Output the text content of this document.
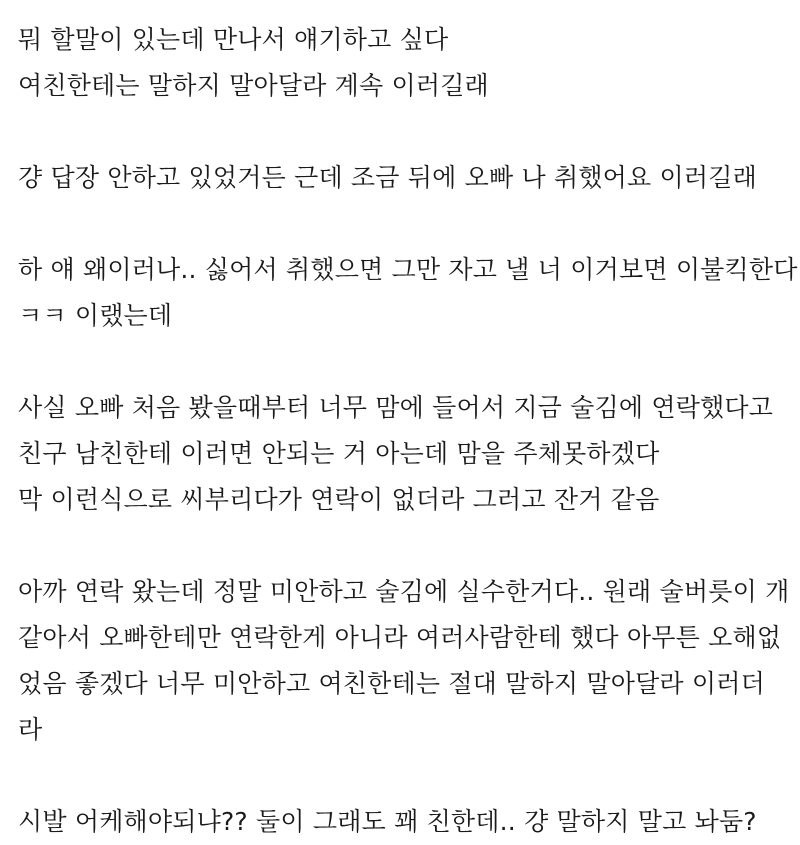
뭐 할말이 있는데 만나서 얘기하고 싶다
여친한테는 말하지 말아달라 계속 이러길래
걍 답장 안하고 있었거든 근데 조금 뒤에 오빠 나 취했어요 이러길래
하 얘 왜이러나.. 싫어서 취했으면 그만 자고 낼 너 이거보면 이불킥한다
ㅋㅋ 이랬는데
사실 오빠 처음 봤을때부터 너무 맘에 들어서 지금 술김에 연락했다고
친구 남친한테 이러면 안되는 거 아는데 맘을 주체못하겠다
막 이런식으로 씨부리다가 연락이 없더라 그러고 잔거 같음
아까 연락 왔는데 정말 미안하고 술김에 실수한거다.. 원래 술버릇이 개
같아서 오빠한테만 연락한게 아니라 여러사람한테 했다 아무튼 오해없
었음 좋겠다 너무 미안하고 여친한테는 절대 말하지 말아달라 이러더
라
시발 어케해야되냐?? 둘이 그래도 꽤 친한데.. 걍 말하지 말고 놔둠?
